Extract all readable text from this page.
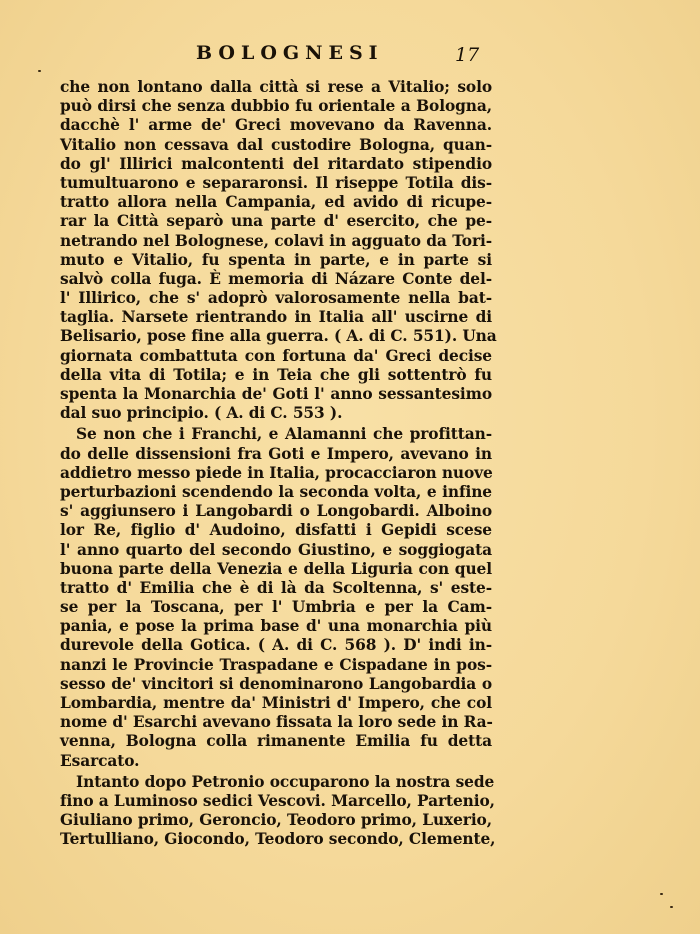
BOLOGNESI	17
che non lontano dalla città si rese a Vitalio; solo
può dirsi che senza dubbio fu orientale a Bologna,
dacchè l' arme de' Greci movevano da Ravenna.
Vitalio non cessava dal custodire Bologna, quan-
do gl' Illirici malcontenti del ritardato stipendio
tumultuarono e separaronsi. Il riseppe Totila dis-
tratto allora nella Campania, ed avido di ricupe-
rar la Città separò una parte d' esercito, che pe-
netrando nel Bolognese, colavi in agguato da Tori-
muto e Vitalio, fu spenta in parte, e in parte si
salvò colla fuga. È memoria di Názare Conte del-
l' Illirico, che s' adoprò valorosamente nella bat-
taglia. Narsete rientrando in Italia all' uscirne di
Belisario, pose fine alla guerra. ( A. di C. 551). Una
giornata combattuta con fortuna da' Greci decise
della vita di Totila; e in Teia che gli sottentrò fu
spenta la Monarchia de' Goti l' anno sessantesimo
dal suo principio. ( A. di C. 553 ).
Se non che i Franchi, e Alamanni che profittan-
do delle dissensioni fra Goti e Impero, avevano in
addietro messo piede in Italia, procacciaron nuove
perturbazioni scendendo la seconda volta, e infine
s' aggiunsero i Langobardi o Longobardi. Alboino
lor Re, figlio d' Audoino, disfatti i Gepidi scese
l' anno quarto del secondo Giustino, e soggiogata
buona parte della Venezia e della Liguria con quel
tratto d' Emilia che è di là da Scoltenna, s' este-
se per la Toscana, per l' Umbria e per la Cam-
pania, e pose la prima base d' una monarchia più
durevole della Gotica. ( A. di C. 568 ). D' indi in-
nanzi le Provincie Traspadane e Cispadane in pos-
sesso de' vincitori si denominarono Langobardia o
Lombardia, mentre da' Ministri d' Impero, che col
nome d' Esarchi avevano fissata la loro sede in Ra-
venna, Bologna colla rimanente Emilia fu detta
Esarcato.
Intanto dopo Petronio occuparono la nostra sede
fino a Luminoso sedici Vescovi. Marcello, Partenio,
Giuliano primo, Geroncio, Teodoro primo, Luxerio,
Tertulliano, Giocondo, Teodoro secondo, Clemente,
